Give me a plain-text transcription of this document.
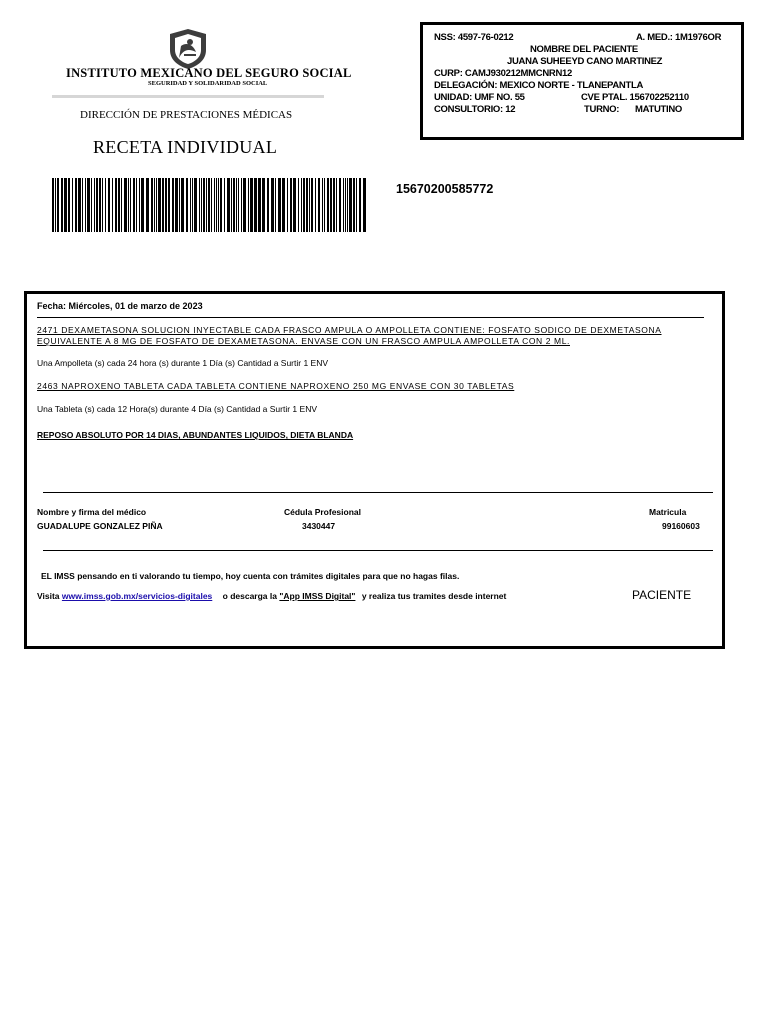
INSTITUTO MEXICANO DEL SEGURO SOCIAL
SEGURIDAD Y SOLIDARIDAD SOCIAL
DIRECCIÓN DE PRESTACIONES MÉDICAS
RECETA INDIVIDUAL
15670200585772
NSS: 4597-76-0212	A. MED.: 1M1976OR
NOMBRE DEL PACIENTE
JUANA SUHEEYD CANO MARTINEZ
CURP: CAMJ930212MMCNRN12
DELEGACIÓN: MEXICO NORTE - TLANEPANTLA
UNIDAD: UMF NO. 55	CVE PTAL. 156702252110
CONSULTORIO: 12	TURNO: MATUTINO
Fecha: Miércoles, 01 de marzo de 2023
2471 DEXAMETASONA SOLUCION INYECTABLE CADA FRASCO AMPULA O AMPOLLETA CONTIENE: FOSFATO SODICO DE DEXMETASONA
EQUIVALENTE A 8 MG DE FOSFATO DE DEXAMETASONA. ENVASE CON UN FRASCO AMPULA AMPOLLETA CON 2 ML.
Una Ampolleta (s) cada 24 hora (s) durante 1 Día (s) Cantidad a Surtir 1 ENV
2463 NAPROXENO TABLETA CADA TABLETA CONTIENE NAPROXENO 250 MG ENVASE CON 30 TABLETAS
Una Tableta (s) cada 12 Hora(s) durante 4 Día (s) Cantidad a Surtir 1 ENV
REPOSO ABSOLUTO POR 14 DIAS, ABUNDANTES LIQUIDOS, DIETA BLANDA
Nombre y firma del médico	Cédula Profesional	Matricula
GUADALUPE GONZALEZ PIÑA	3430447	99160603
EL IMSS pensando en ti valorando tu tiempo, hoy cuenta con trámites digitales para que no hagas filas.
Visita www.imss.gob.mx/servicios-digitales o descarga la "App IMSS Digital" y realiza tus tramites desde internet	PACIENTE
